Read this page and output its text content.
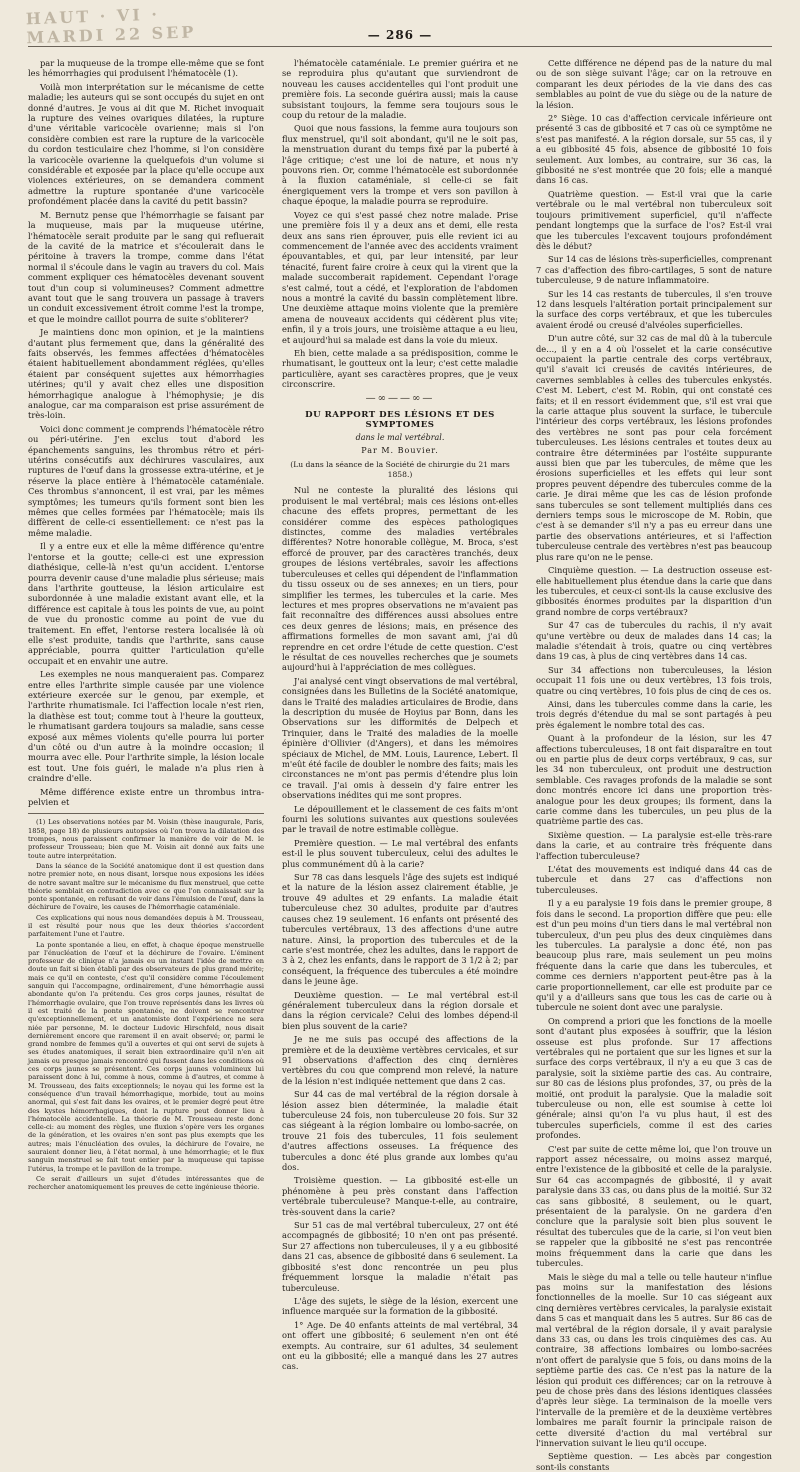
HAUT · VI · MARDI 22 SEP	— 286 —

par la muqueuse de la trompe elle-même que se font les hémorrhagies qui produisent l'hématocèle (1).

Voilà mon interprétation sur le mécanisme de cette maladie; les auteurs qui se sont occupés du sujet en ont donné d'autres. Je vous ai dit que M. Richet invoquait la rupture des veines ovariques dilatées, la rupture d'une véritable varicocèle ovarienne; mais si l'on considère combien est rare la rupture de la varicocèle du cordon testiculaire chez l'homme, si l'on considère la varicocèle ovarienne la quelquefois d'un volume si considérable et exposée par la place qu'elle occupe aux violences extérieures, on se demandera comment admettre la rupture spontanée d'une varicocèle profondément placée dans la cavité du petit bassin?

M. Bernutz pense que l'hémorrhagie se faisant par la muqueuse, mais par la muqueuse utérine, l'hématocèle serait produite par le sang qui refluerait de la cavité de la matrice et s'écoulerait dans le péritoine à travers la trompe, comme dans l'état normal il s'écoule dans le vagin au travers du col. Mais comment expliquer ces hématocèles devenant souvent tout d'un coup si volumineuses? Comment admettre avant tout que le sang trouvera un passage à travers un conduit excessivement étroit comme l'est la trompe, et que le moindre caillot pourra de suite s'obliterer?

Je maintiens donc mon opinion, et je la maintiens d'autant plus fermement que, dans la généralité des faits observés, les femmes affectées d'hématocèles étaient habituellement abondamment réglées, qu'elles étaient par conséquent sujettes aux hémorrhagies utérines; qu'il y avait chez elles une disposition hémorrhagique analogue à l'hémophysie; je dis analogue, car ma comparaison est prise assurément de très-loin.

Voici donc comment je comprends l'hématocèle rétro ou péri-utérine. J'en exclus tout d'abord les épanchements sanguins, les thrombus rétro et péri-utérins consécutifs aux déchirures vasculaires, aux ruptures de l'œuf dans la grossesse extra-utérine, et je réserve la place entière à l'hématocèle cataméniale. Ces thrombus s'annoncent, il est vrai, par les mêmes symptômes; les tumeurs qu'ils forment sont bien les mêmes que celles formées par l'hématocèle; mais ils diffèrent de celle-ci essentiellement: ce n'est pas la même maladie.

Il y a entre eux et elle la même différence qu'entre l'entorse et la goutte; celle-ci est une expression diathésique, celle-là n'est qu'un accident. L'entorse pourra devenir cause d'une maladie plus sérieuse; mais dans l'arthrite goutteuse, la lésion articulaire est subordonnée à une maladie existant avant elle, et la différence est capitale à tous les points de vue, au point de vue du pronostic comme au point de vue du traitement. En effet, l'entorse restera localisée là où elle s'est produite, tandis que l'arthrite, sans cause appréciable, pourra quitter l'articulation qu'elle occupait et en envahir une autre.

Les exemples ne nous manqueraient pas. Comparez entre elles l'arthrite simple causée par une violence extérieure exercée sur le genou, par exemple, et l'arthrite rhumatismale. Ici l'affection locale n'est rien, la diathèse est tout; comme tout à l'heure la goutteux, le rhumatisant gardera toujours sa maladie, sans cesse exposé aux mêmes violents qu'elle pourra lui porter d'un côté ou d'un autre à la moindre occasion; il mourra avec elle. Pour l'arthrite simple, la lésion locale est tout. Une fois guéri, le malade n'a plus rien à craindre d'elle.

Même différence existe entre un thrombus intra-pelvien et

(1) Les observations notées par M. Voisin (thèse inaugurale, Paris, 1858, page 18) de plusieurs autopsies où l'on trouva la dilatation des trompes, nous paraissent confirmer la manière de voir de M. le professeur Trousseau; bien que M. Voisin ait donné aux faits une toute autre interprétation.

Dans la séance de la Société anatomique dont il est question dans notre premier note, en nous disant, lorsque nous exposions les idées de notre savant maître sur le mécanisme du flux menstruel, que cette théorie semblait en contradiction avec ce que l'on connaissait sur la ponte spontanée, en refusant de voir dans l'émulsion de l'œuf, dans la déchirure de l'ovaire, les causes de l'hémorrhagie cataméniale.

Ces explications qui nous nous demandées depuis à M. Trousseau, il est résulté pour nous que les deux théories s'accordent parfaitement l'une et l'autre.

La ponte spontanée a lieu, en effet, à chaque époque menstruelle par l'énucléation de l'œuf et la déchirure de l'ovaire. L'éminent professeur de clinique n'a jamais eu un instant l'idée de mettre en doute un fait si bien établi par des observateurs de plus grand mérite; mais ce qu'il en conteste, c'est qu'il considère comme l'écoulement sanguin qui l'accompagne, ordinairement, d'une hémorrhagie aussi abondante qu'on l'a prétendu. Ces gros corps jaunes, résultat de l'hémorrhagie ovulaire, que l'on trouve représentés dans les livres où il est traité de la ponte spontanée, ne doivent se rencontrer qu'exceptionnellement, et un anatomiste dont l'expérience ne sera niée par personne, M. le docteur Ludovic Hirschfeld, nous disait dernièrement encore que rarement il en avait observé; or, parmi le grand nombre de femmes qu'il a ouvertes et qui ont servi de sujets à ses études anatomiques, il serait bien extraordinaire qu'il n'en ait jamais eu presque jamais rencontré qui fussent dans les conditions où ces corps jaunes se présentent. Ces corps jaunes volumineux lui paraissent donc à lui, comme à nous, comme à d'autres, et comme à M. Trousseau, des faits exceptionnels; le noyau qui les forme est la conséquence d'un travail hémorrhagique, morbide, tout au moins anormal, qui s'est fait dans les ovaires, et le premier degré peut être des kystes hémorrhagiques, dont la rupture peut donner lieu à l'hématocèle accidentelle. La théorie de M. Trousseau reste donc celle-ci: au moment des règles, une fluxion s'opère vers les organes de la génération, et les ovaires n'en sont pas plus exempts que les autres; mais l'énucléation des ovules, la déchirure de l'ovaire, ne sauraient donner lieu, à l'état normal, à une hémorrhagie; et le flux sanguin menstruel se fait tout entier par la muqueuse qui tapisse l'utérus, la trompe et le pavillon de la trompe.

Ce serait d'ailleurs un sujet d'études intéressantes que de rechercher anatomiquement les preuves de cette ingénieuse théorie.

l'hématocèle cataméniale. Le premier guérira et ne se reproduira plus qu'autant que surviendront de nouveau les causes accidentelles qui l'ont produit une première fois. La seconde guérira aussi; mais la cause subsistant toujours, la femme sera toujours sous le coup du retour de la maladie.

Quoi que nous fassions, la femme aura toujours son flux menstruel, qu'il soit abondant, qu'il ne le soit pas, la menstruation durant du temps fixé par la puberté à l'âge critique; c'est une loi de nature, et nous n'y pouvons rien. Or, comme l'hématocèle est subordonnée à la fluxion cataméniale, si celle-ci se fait énergiquement vers la trompe et vers son pavillon à chaque époque, la maladie pourra se reproduire.

Voyez ce qui s'est passé chez notre malade. Prise une première fois il y a deux ans et demi, elle resta deux ans sans rien éprouver, puis elle revient ici au commencement de l'année avec des accidents vraiment épouvantables, et qui, par leur intensité, par leur ténacité, furent faire croire à ceux qui la virent que la malade succomberait rapidement. Cependant l'orage s'est calmé, tout a cédé, et l'exploration de l'abdomen nous a montré la cavité du bassin complètement libre. Une deuxième attaque moins violente que la première amena de nouveaux accidents qui cédèrent plus vite; enfin, il y a trois jours, une troisième attaque a eu lieu, et aujourd'hui sa malade est dans la voie du mieux.

Eh bien, cette malade a sa prédisposition, comme le rhumatisant, le goutteux ont la leur; c'est cette maladie particulière, ayant ses caractères propres, que je veux circonscrire.

—∞——∞—
DU RAPPORT DES LÉSIONS ET DES SYMPTOMES
dans le mal vertébral.
Par M. Bouvier.
(Lu dans la séance de la Société de chirurgie du 21 mars 1858.)

Nul ne conteste la pluralité des lésions qui produisent le mal vertébral; mais ces lésions ont-elles chacune des effets propres, permettant de les considérer comme des espèces pathologiques distinctes, comme des maladies vertébrales différentes? Notre honorable collègue, M. Broca, s'est efforcé de prouver, par des caractères tranchés, deux groupes de lésions vertébrales, savoir les affections tuberculeuses et celles qui dépendent de l'inflammation du tissu osseux ou de ses annexes; en un tiers, pour simplifier les termes, les tubercules et la carie. Mes lectures et mes propres observations ne m'avaient pas fait reconnaître des différences aussi absolues entre ces deux genres de lésions; mais, en présence des affirmations formelles de mon savant ami, j'ai dû reprendre en cet ordre l'étude de cette question. C'est le résultat de ces nouvelles recherches que je soumets aujourd'hui à l'appréciation de mes collègues.

J'ai analysé cent vingt observations de mal vertébral, consignées dans les Bulletins de la Société anatomique, dans le Traité des maladies articulaires de Brodie, dans la description du musée de Hoyius par Bonn, dans les Observations sur les difformités de Delpech et Trinquier, dans le Traité des maladies de la moelle épinière d'Ollivier (d'Angers), et dans les mémoires spéciaux de Michel, de MM. Louis, Laurence, Lebert. Il m'eût été facile de doubler le nombre des faits; mais les circonstances ne m'ont pas permis d'étendre plus loin ce travail. J'ai omis à dessein d'y faire entrer les observations inédites qui me sont propres.

Le dépouillement et le classement de ces faits m'ont fourni les solutions suivantes aux questions soulevées par le travail de notre estimable collègue.

Première question. — Le mal vertébral des enfants est-il le plus souvent tuberculeux, celui des adultes le plus communément dû à la carie?

Sur 78 cas dans lesquels l'âge des sujets est indiqué et la nature de la lésion assez clairement établie, je trouve 49 adultes et 29 enfants. La maladie était tuberculeuse chez 30 adultes, produite par d'autres causes chez 19 seulement. 16 enfants ont présenté des tubercules vertébraux, 13 des affections d'une autre nature. Ainsi, la proportion des tubercules et de la carie s'est montrée, chez les adultes, dans le rapport de 3 à 2, chez les enfants, dans le rapport de 3 1/2 à 2; par conséquent, la fréquence des tubercules a été moindre dans le jeune âge.

Deuxième question. — Le mal vertébral est-il généralement tuberculeux dans la région dorsale et dans la région cervicale? Celui des lombes dépend-il bien plus souvent de la carie?

Je ne me suis pas occupé des affections de la première et de la deuxième vertèbres cervicales, et sur 91 observations d'affection des cinq dernières vertèbres du cou que comprend mon relevé, la nature de la lésion n'est indiquée nettement que dans 2 cas.

Sur 44 cas de mal vertébral de la région dorsale à lésion assez bien déterminée, la maladie était tuberculeuse 24 fois, non tuberculeuse 20 fois. Sur 32 cas siégeant à la région lombaire ou lombo-sacrée, on trouve 21 fois des tubercules, 11 fois seulement d'autres affections osseuses. La fréquence des tubercules a donc été plus grande aux lombes qu'au dos.

Troisième question. — La gibbosité est-elle un phénomène à peu près constant dans l'affection vertébrale tuberculeuse? Manque-t-elle, au contraire, très-souvent dans la carie?

Sur 51 cas de mal vertébral tuberculeux, 27 ont été accompagnés de gibbosité; 10 n'en ont pas présenté. Sur 27 affections non tuberculeuses, il y a eu gibbosité dans 21 cas, absence de gibbosité dans 6 seulement. La gibbosité s'est donc rencontrée un peu plus fréquemment lorsque la maladie n'était pas tuberculeuse.

L'âge des sujets, le siège de la lésion, exercent une influence marquée sur la formation de la gibbosité.

1° Age. De 40 enfants atteints de mal vertébral, 34 ont offert une gibbosité; 6 seulement n'en ont été exempts. Au contraire, sur 61 adultes, 34 seulement ont eu la gibbosité; elle a manqué dans les 27 autres cas.

Cette différence ne dépend pas de la nature du mal ou de son siège suivant l'âge; car on la retrouve en comparant les deux périodes de la vie dans des cas semblables au point de vue du siège ou de la nature de la lésion.

2° Siège. 10 cas d'affection cervicale inférieure ont présenté 3 cas de gibbosité et 7 cas où ce symptôme ne s'est pas manifesté. A la région dorsale, sur 55 cas, il y a eu gibbosité 45 fois, absence de gibbosité 10 fois seulement. Aux lombes, au contraire, sur 36 cas, la gibbosité ne s'est montrée que 20 fois; elle a manqué dans 16 cas.

Quatrième question. — Est-il vrai que la carie vertébrale ou le mal vertébral non tuberculeux soit toujours primitivement superficiel, qu'il n'affecte pendant longtemps que la surface de l'os? Est-il vrai que les tubercules l'excavent toujours profondément dès le début?

Sur 14 cas de lésions très-superficielles, comprenant 7 cas d'affection des fibro-cartilages, 5 sont de nature tuberculeuse, 9 de nature inflammatoire.

Sur les 14 cas restants de tubercules, il s'en trouve 12 dans lesquels l'altération portait principalement sur la surface des corps vertébraux, et que les tubercules avaient érodé ou creusé d'alvéoles superficielles.

D'un autre côté, sur 32 cas de mal dû à la tubercule de..., il y en a 4 où l'osselet et la carie consécutive occupaient la partie centrale des corps vertébraux, qu'il s'avait ici creusés de cavités intérieures, de cavernes semblables à celles des tubercules enkystés. C'est M. Lebert, c'est M. Robin, qui ont constaté ces faits; et il en ressort évidemment que, s'il est vrai que la carie attaque plus souvent la surface, le tubercule l'intérieur des corps vertébraux, les lésions profondes des vertèbres ne sont pas pour cela forcément tuberculeuses. Les lésions centrales et toutes deux au contraire être déterminées par l'ostéite suppurante aussi bien que par les tubercules, de même que les érosions superficielles et les effets qui leur sont propres peuvent dépendre des tubercules comme de la carie. Je dirai même que les cas de lésion profonde sans tubercules se sont tellement multipliés dans ces derniers temps sous le microscope de M. Robin, que c'est à se demander s'il n'y a pas eu erreur dans une partie des observations antérieures, et si l'affection tuberculeuse centrale des vertèbres n'est pas beaucoup plus rare qu'on ne le pense.

Cinquième question. — La destruction osseuse est-elle habituellement plus étendue dans la carie que dans les tubercules, et ceux-ci sont-ils la cause exclusive des gibbosités énormes produites par la disparition d'un grand nombre de corps vertébraux?

Sur 47 cas de tubercules du rachis, il n'y avait qu'une vertèbre ou deux de malades dans 14 cas; la maladie s'étendait à trois, quatre ou cinq vertèbres dans 19 cas, à plus de cinq vertèbres dans 14 cas.

Sur 34 affections non tuberculeuses, la lésion occupait 11 fois une ou deux vertèbres, 13 fois trois, quatre ou cinq vertèbres, 10 fois plus de cinq de ces os.

Ainsi, dans les tubercules comme dans la carie, les trois degrés d'étendue du mal se sont partagés à peu près également le nombre total des cas.

Quant à la profondeur de la lésion, sur les 47 affections tuberculeuses, 18 ont fait disparaître en tout ou en partie plus de deux corps vertébraux, 9 cas, sur les 34 non tuberculeux, ont produit une destruction semblable. Ces ravages profonds de la maladie se sont donc montrés encore ici dans une proportion très-analogue pour les deux groupes; ils forment, dans la carie comme dans les tubercules, un peu plus de la quatrième partie des cas.

Sixième question. — La paralysie est-elle très-rare dans la carie, et au contraire très fréquente dans l'affection tuberculeuse?

L'état des mouvements est indiqué dans 44 cas de tubercule et dans 27 cas d'affections non tuberculeuses.

Il y a eu paralysie 19 fois dans le premier groupe, 8 fois dans le second. La proportion diffère que peu: elle est d'un peu moins d'un tiers dans le mal vertébral non tuberculeux, d'un peu plus des deux cinquièmes dans les tubercules. La paralysie a donc été, non pas beaucoup plus rare, mais seulement un peu moins fréquente dans la carie que dans les tubercules, et comme ces derniers n'apportent peut-être pas à la carie proportionnellement, car elle est produite par ce qu'il y a d'ailleurs sans que tous les cas de carie ou à tubercule ne soient dont avec une paralysie.

On comprend a priori que les fonctions de la moelle sont d'autant plus exposées à souffrir, que la lésion osseuse est plus profonde. Sur 17 affections vertébrales qui ne portaient que sur les lignes et sur la surface des corps vertébraux, il n'y a eu que 3 cas de paralysie, soit la sixième partie des cas. Au contraire, sur 80 cas de lésions plus profondes, 37, ou près de la moitié, ont produit la paralysie. Que la maladie soit tuberculeuse ou non, elle est soumise à cette loi générale; ainsi qu'on l'a vu plus haut, il est des tubercules superficiels, comme il est des caries profondes.

C'est par suite de cette même loi, que l'on trouve un rapport assez nécessaire, ou moins assez marqué, entre l'existence de la gibbosité et celle de la paralysie. Sur 64 cas accompagnés de gibbosité, il y avait paralysie dans 33 cas, ou dans plus de la moitié. Sur 32 cas sans gibbosité, 8 seulement, ou le quart, présentaient de la paralysie. On ne gardera d'en conclure que la paralysie soit bien plus souvent le résultat des tubercules que de la carie, si l'on veut bien se rappeler que la gibbosité ne s'est pas rencontrée moins fréquemment dans la carie que dans les tubercules.

Mais le siège du mal a telle ou telle hauteur n'influe pas moins sur la manifestation des lésions fonctionnelles de la moelle. Sur 10 cas siégeant aux cinq dernières vertèbres cervicales, la paralysie existait dans 5 cas et manquait dans les 5 autres. Sur 86 cas de mal vertébral de la région dorsale, il y avait paralysie dans 33 cas, ou dans les trois cinquièmes des cas. Au contraire, 38 affections lombaires ou lombo-sacrées n'ont offert de paralysie que 5 fois, ou dans moins de la septième partie des cas. Ce n'est pas la nature de la lésion qui produit ces différences; car on la retrouve à peu de chose près dans des lésions identiques classées d'après leur siège. La terminaison de la moelle vers l'intervalle de la première et de la deuxième vertèbres lombaires me paraît fournir la principale raison de cette diversité d'action du mal vertébral sur l'innervation suivant le lieu qu'il occupe.

Septième question. — Les abcès par congestion sont-ils constants
